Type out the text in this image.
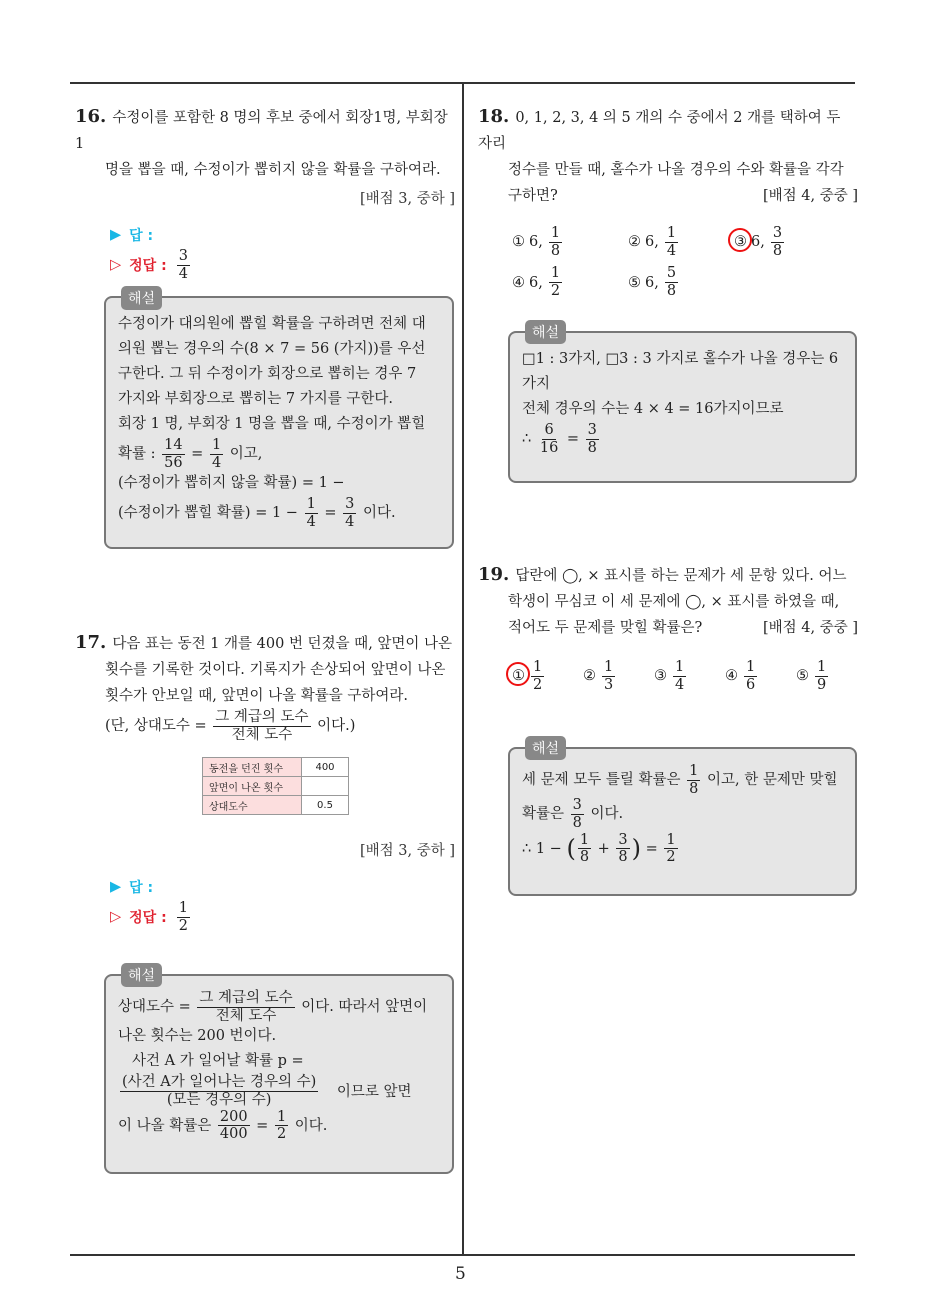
5
16. 수정이를 포함한 8 명의 후보 중에서 회장1명, 부회장1
명을 뽑을 때, 수정이가 뽑히지 않을 확률을 구하여라.
[배점 3, 중하 ]
▶ 답 :
▷ 정답 : $\frac{3}{4}$
해설
수정이가 대의원에 뽑힐 확률을 구하려면 전체 대
의원 뽑는 경우의 수(8 × 7 = 56 (가지))를 우선
구한다. 그 뒤 수정이가 회장으로 뽑히는 경우 7
가지와 부회장으로 뽑히는 7 가지를 구한다.
회장 1 명, 부회장 1 명을 뽑을 때, 수정이가 뽑힐
확률 : $\frac{14}{56} = \frac{1}{4}$ 이고,
(수정이가 뽑히지 않을 확률) = 1 −
(수정이가 뽑힐 확률) = $1 - \frac{1}{4} = \frac{3}{4}$ 이다.
17. 다음 표는 동전 1 개를 400 번 던졌을 때, 앞면이 나온
횟수를 기록한 것이다. 기록지가 손상되어 앞면이 나온
횟수가 안보일 때, 앞면이 나올 확률을 구하여라.
(단, 상대도수 = $\frac{\text{그 계급의 도수}}{\text{전체 도수}}$ 이다.)
동전을 던진 횟수	400
앞면이 나온 횟수	
상대도수	0.5
[배점 3, 중하 ]
▶ 답 :
▷ 정답 : $\frac{1}{2}$
해설
상대도수 = $\frac{\text{그 계급의 도수}}{\text{전체 도수}}$ 이다. 따라서 앞면이
나온 횟수는 200 번이다.
사건 A 가 일어날 확률 p =
$\frac{\text{(사건 A가 일어나는 경우의 수)}}{\text{(모든 경우의 수)}}$ 이므로 앞면
이 나올 확률은 $\frac{200}{400} = \frac{1}{2}$ 이다.
18. 0, 1, 2, 3, 4 의 5 개의 수 중에서 2 개를 택하여 두 자리
정수를 만들 때, 홀수가 나올 경우의 수와 확률을 각각
구하면?	[배점 4, 중중 ]
① 6, $\frac{1}{8}$	② 6, $\frac{1}{4}$	③ 6, $\frac{3}{8}$
④ 6, $\frac{1}{2}$	⑤ 6, $\frac{5}{8}$
해설
□1 : 3가지, □3 : 3 가지로 홀수가 나올 경우는 6
가지
전체 경우의 수는 4 × 4 = 16가지이므로
∴ $\frac{6}{16} = \frac{3}{8}$
19. 답란에 ◯, × 표시를 하는 문제가 세 문항 있다. 어느
학생이 무심코 이 세 문제에 ◯, × 표시를 하였을 때,
적어도 두 문제를 맞힐 확률은?	[배점 4, 중중 ]
① $\frac{1}{2}$	② $\frac{1}{3}$	③ $\frac{1}{4}$	④ $\frac{1}{6}$	⑤ $\frac{1}{9}$
해설
세 문제 모두 틀릴 확률은 $\frac{1}{8}$ 이고, 한 문제만 맞힐
확률은 $\frac{3}{8}$ 이다.
∴ 1 − ( $\frac{1}{8} + \frac{3}{8}$ ) = $\frac{1}{2}$
